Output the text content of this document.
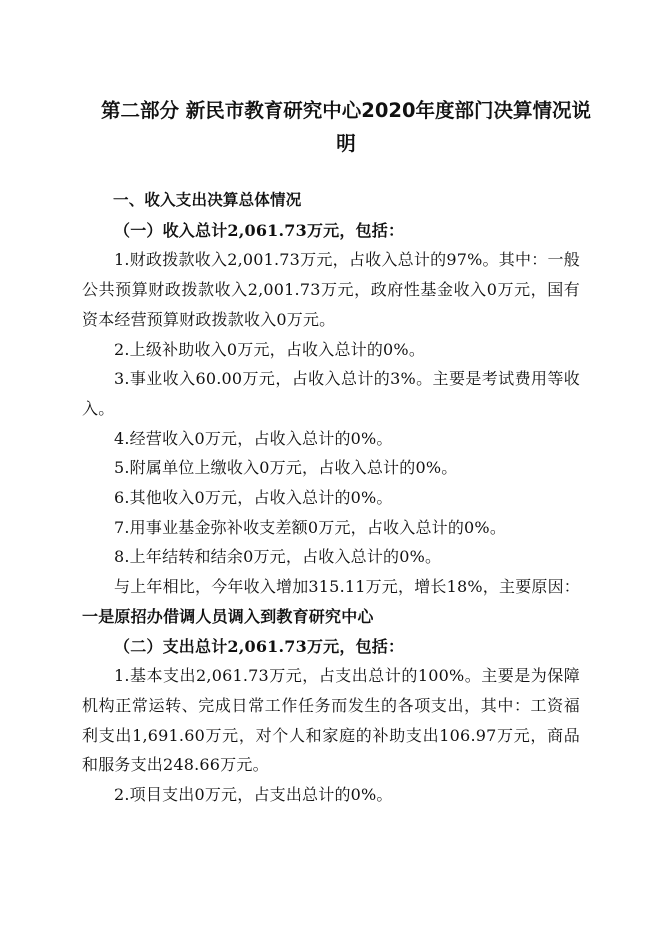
第二部分 新民市教育研究中心2020年度部门决算情况说明

一、收入支出决算总体情况

（一）收入总计2,061.73万元，包括：

1.财政拨款收入2,001.73万元，占收入总计的97%。其中：一般公共预算财政拨款收入2,001.73万元，政府性基金收入0万元，国有资本经营预算财政拨款收入0万元。

2.上级补助收入0万元，占收入总计的0%。

3.事业收入60.00万元，占收入总计的3%。主要是考试费用等收入。

4.经营收入0万元，占收入总计的0%。

5.附属单位上缴收入0万元，占收入总计的0%。

6.其他收入0万元，占收入总计的0%。

7.用事业基金弥补收支差额0万元，占收入总计的0%。

8.上年结转和结余0万元，占收入总计的0%。

与上年相比，今年收入增加315.11万元，增长18%，主要原因：一是原招办借调人员调入到教育研究中心

（二）支出总计2,061.73万元，包括：

1.基本支出2,061.73万元，占支出总计的100%。主要是为保障机构正常运转、完成日常工作任务而发生的各项支出，其中：工资福利支出1,691.60万元，对个人和家庭的补助支出106.97万元，商品和服务支出248.66万元。

2.项目支出0万元，占支出总计的0%。
